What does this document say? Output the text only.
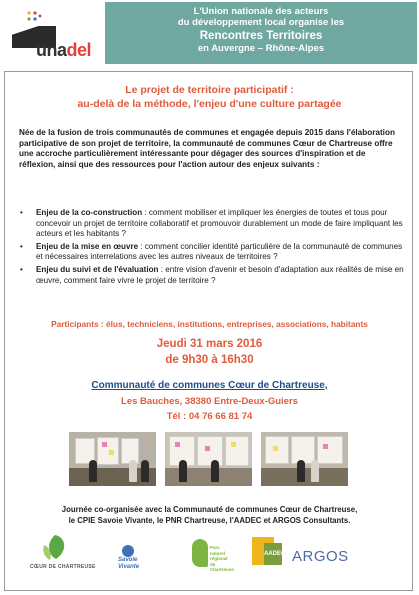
unadel
L'Union nationale des acteurs
du développement local organise les
Rencontres Territoires
en Auvergne – Rhône-Alpes
Le projet de territoire participatif :
au-delà de la méthode, l'enjeu d'une culture partagée
Née de la fusion de trois communautés de communes et engagée depuis 2015 dans l'élaboration participative de son projet de territoire, la communauté de communes Cœur de Chartreuse offre une accroche particulièrement intéressante pour dégager des sources d'inspiration et de réflexion, ainsi que des ressources pour l'action autour des enjeux suivants :
• Enjeu de la co-construction : comment mobiliser et impliquer les énergies de toutes et tous pour concevoir un projet de territoire collaboratif et promouvoir durablement un mode de faire impliquant les acteurs et les habitants ?
• Enjeu de la mise en œuvre : comment concilier identité particulière de la communauté de communes et nécessaires interrelations avec les autres niveaux de territoires ?
• Enjeu du suivi et de l'évaluation : entre vision d'avenir et besoin d'adaptation aux réalités de mise en œuvre, comment faire vivre le projet de territoire ?
Participants : élus, techniciens, institutions, entreprises, associations, habitants
Jeudi 31 mars 2016
de 9h30 à 16h30
Communauté de communes Cœur de Chartreuse,
Les Bauches, 38380 Entre-Deux-Guiers
Tél : 04 76 66 81 74
Journée co-organisée avec la Communauté de communes Cœur de Chartreuse,
le CPIE Savoie Vivante, le PNR Chartreuse, l'AADEC et ARGOS Consultants.
CŒUR DE CHARTREUSE
Savoie
Vivante
Parc
naturel
régional
de Chartreuse
AADEC ARGOS
